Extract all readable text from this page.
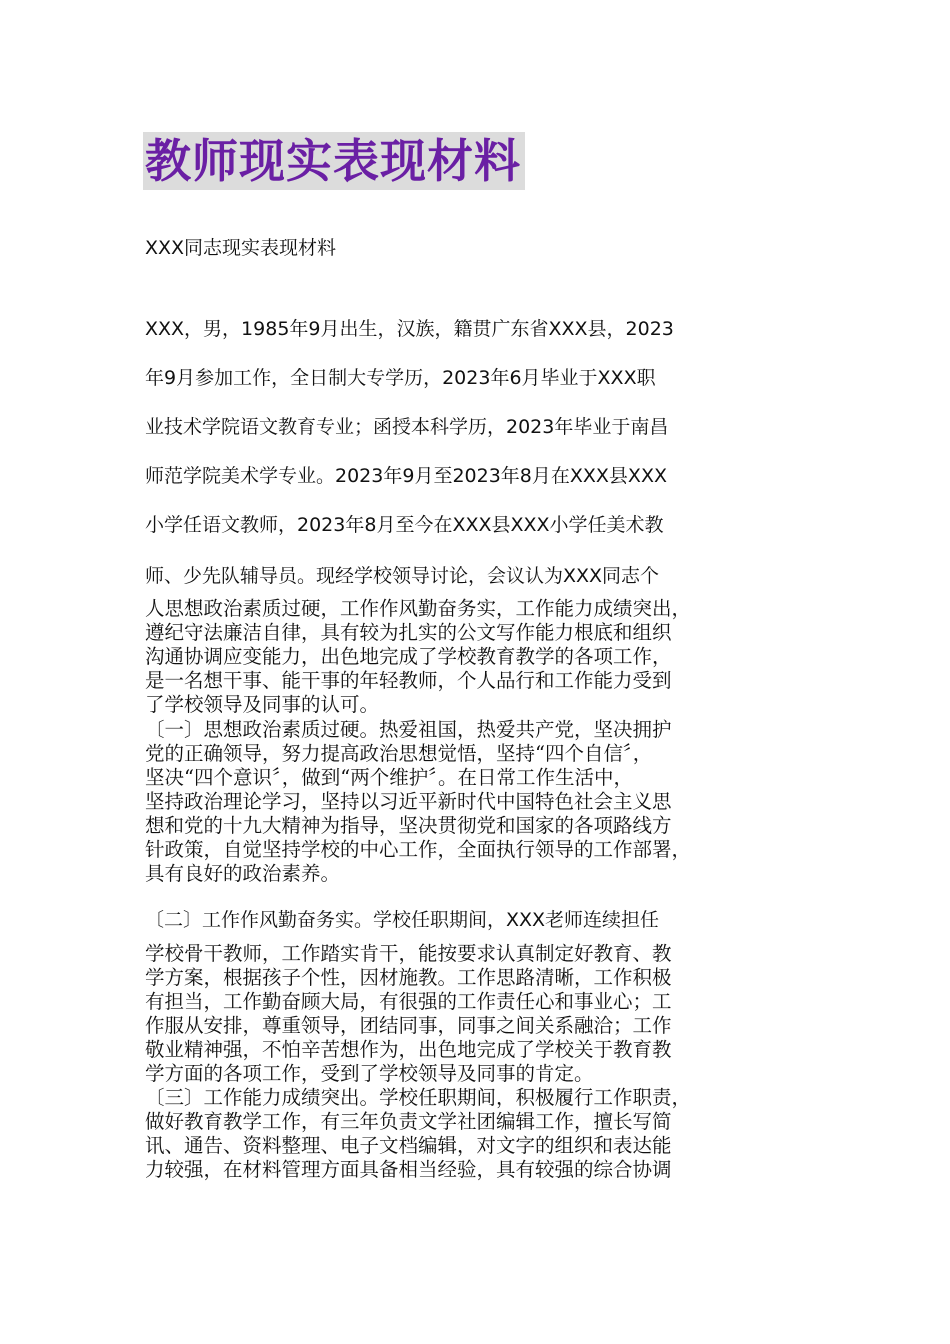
教师现实表现材料
XXX同志现实表现材料
XXX，男，1985年9月出生，汉族，籍贯广东省XXX县，2023
年9月参加工作，全日制大专学历，2023年6月毕业于XXX职
业技术学院语文教育专业；函授本科学历，2023年毕业于南昌
师范学院美术学专业。2023年9月至2023年8月在XXX县XXX
小学任语文教师，2023年8月至今在XXX县XXX小学任美术教
师、少先队辅导员。现经学校领导讨论，会议认为XXX同志个
人思想政治素质过硬，工作作风勤奋务实，工作能力成绩突出，
遵纪守法廉洁自律，具有较为扎实的公文写作能力根底和组织
沟通协调应变能力，出色地完成了学校教育教学的各项工作，
是一名想干事、能干事的年轻教师，个人品行和工作能力受到
了学校领导及同事的认可。
〔一〕思想政治素质过硬。热爱祖国，热爱共产党，坚决拥护
党的正确领导，努力提高政治思想觉悟，坚持“四个自信〞，
坚决“四个意识〞，做到“两个维护〞。在日常工作生活中，
坚持政治理论学习，坚持以习近平新时代中国特色社会主义思
想和党的十九大精神为指导，坚决贯彻党和国家的各项路线方
针政策，自觉坚持学校的中心工作，全面执行领导的工作部署，
具有良好的政治素养。
〔二〕工作作风勤奋务实。学校任职期间，XXX老师连续担任
学校骨干教师，工作踏实肯干，能按要求认真制定好教育、教
学方案，根据孩子个性，因材施教。工作思路清晰，工作积极
有担当，工作勤奋顾大局，有很强的工作责任心和事业心；工
作服从安排，尊重领导，团结同事，同事之间关系融洽；工作
敬业精神强，不怕辛苦想作为，出色地完成了学校关于教育教
学方面的各项工作，受到了学校领导及同事的肯定。
〔三〕工作能力成绩突出。学校任职期间，积极履行工作职责，
做好教育教学工作，有三年负责文学社团编辑工作，擅长写简
讯、通告、资料整理、电子文档编辑，对文字的组织和表达能
力较强，在材料管理方面具备相当经验，具有较强的综合协调
